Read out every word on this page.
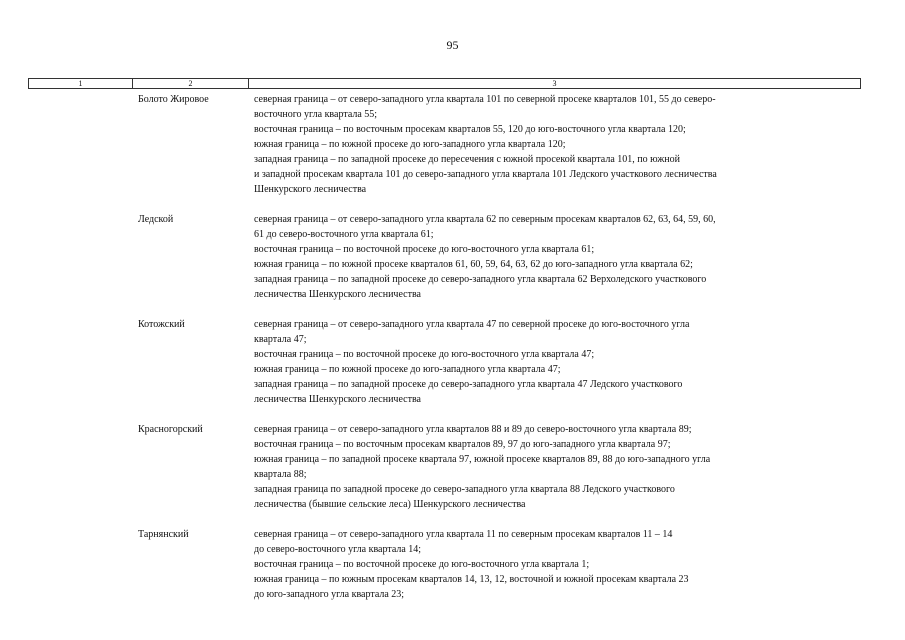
95
1	2	3
Болото Жировое	северная граница – от северо-западного угла квартала 101 по северной просеке кварталов 101, 55 до северо-
восточного угла квартала 55;
восточная граница – по восточным просекам кварталов 55, 120 до юго-восточного угла квартала 120;
южная граница – по южной просеке до юго-западного угла квартала 120;
западная граница – по западной просеке до пересечения с южной просекой квартала 101, по южной
и западной просекам квартала 101 до северо-западного угла квартала 101 Ледского участкового лесничества
Шенкурского лесничества
Ледской	северная граница – от северо-западного угла квартала 62 по северным просекам кварталов 62, 63, 64, 59, 60,
61 до северо-восточного угла квартала 61;
восточная граница – по восточной просеке до юго-восточного угла квартала 61;
южная граница – по южной просеке кварталов 61, 60, 59, 64, 63, 62 до юго-западного угла квартала 62;
западная граница – по западной просеке до северо-западного угла квартала 62 Верхоледского участкового
лесничества Шенкурского лесничества
Котожский	северная граница – от северо-западного угла квартала 47 по северной просеке до юго-восточного угла
квартала 47;
восточная граница – по восточной просеке до юго-восточного угла квартала 47;
южная граница – по южной просеке до юго-западного угла квартала 47;
западная граница – по западной просеке до северо-западного угла квартала 47 Ледского участкового
лесничества Шенкурского лесничества
Красногорский	северная граница – от северо-западного угла кварталов 88 и 89 до северо-восточного угла квартала 89;
восточная граница – по восточным просекам кварталов 89, 97 до юго-западного угла квартала 97;
южная граница – по западной просеке квартала 97, южной просеке кварталов 89, 88 до юго-западного угла
квартала 88;
западная граница по западной просеке до северо-западного угла квартала 88 Ледского участкового
лесничества (бывшие сельские леса) Шенкурского лесничества
Тарнянский	северная граница – от северо-западного угла квартала 11 по северным просекам кварталов 11 – 14
до северо-восточного угла квартала 14;
восточная граница – по восточной просеке до юго-восточного угла квартала 1;
южная граница – по южным просекам кварталов 14, 13, 12, восточной и южной просекам квартала 23
до юго-западного угла квартала 23;
